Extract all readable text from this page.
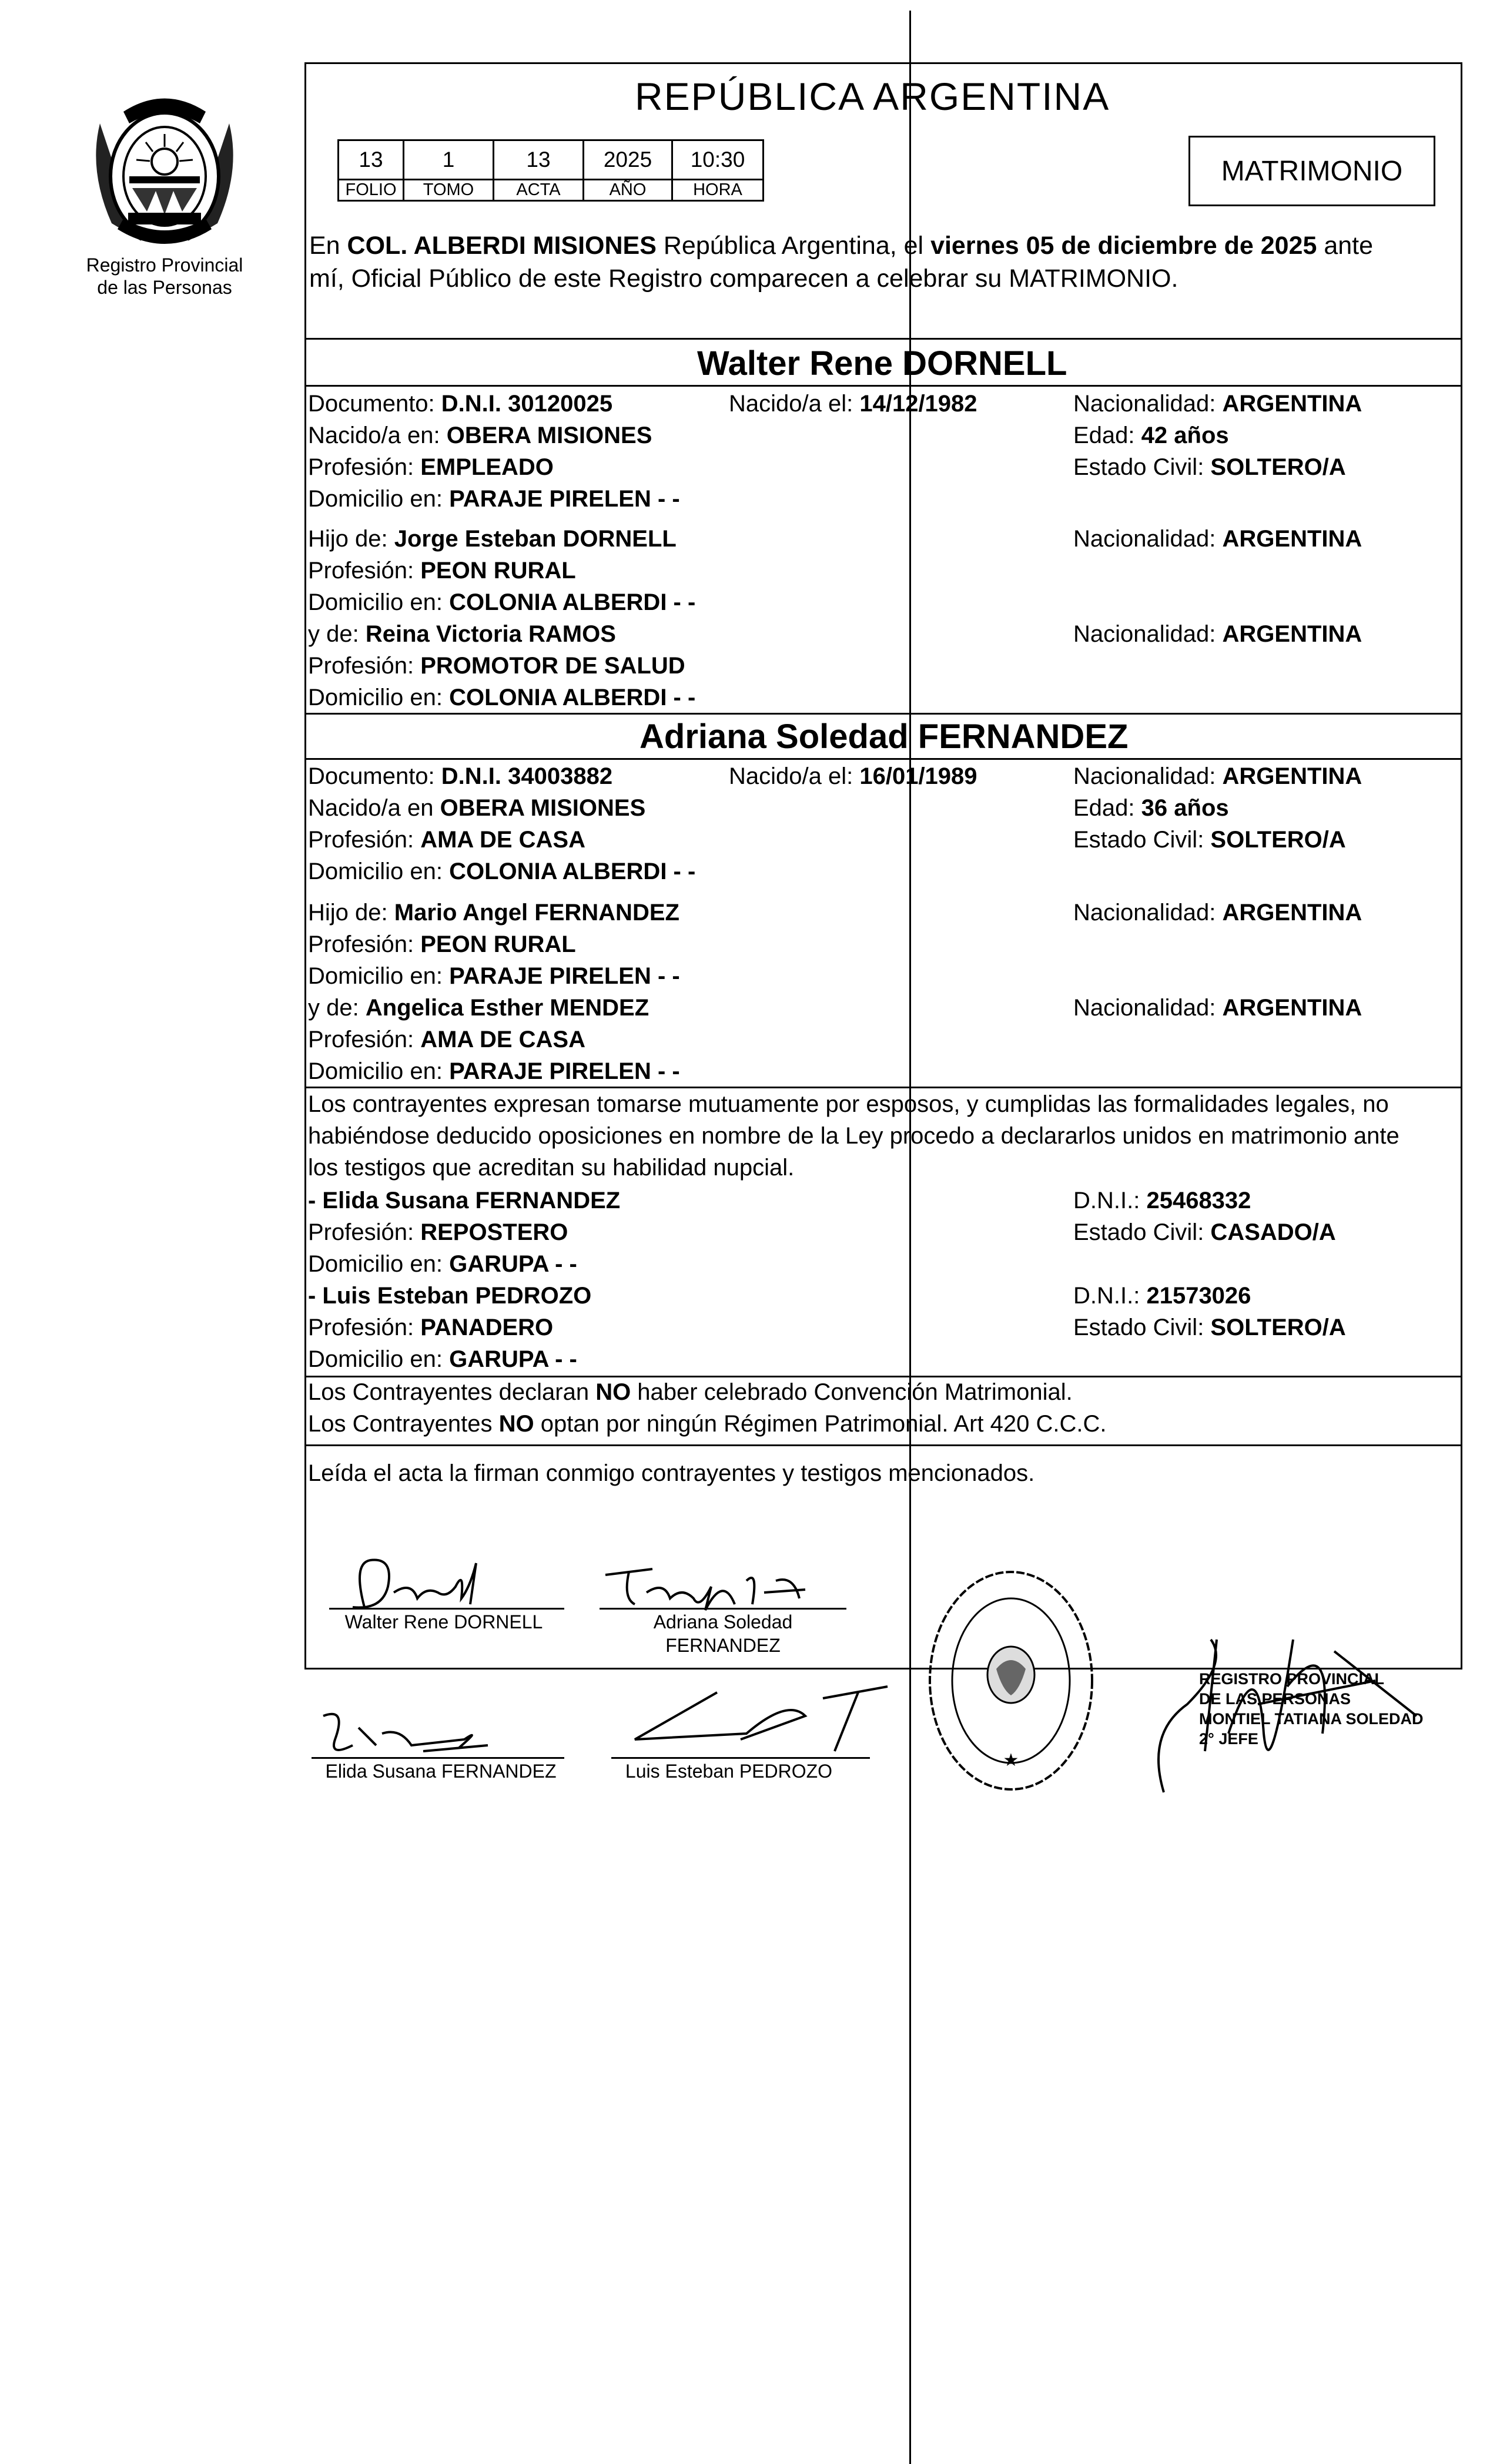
Registro Provincial
de las Personas
REPÚBLICA ARGENTINA
13	1	13	2025	10:30
FOLIO	TOMO	ACTA	AÑO	HORA
MATRIMONIO
En COL. ALBERDI MISIONES República Argentina, el viernes 05 de diciembre de 2025 ante
mí, Oficial Público de este Registro comparecen a celebrar su MATRIMONIO.
Walter Rene DORNELL
Documento: D.N.I. 30120025	Nacido/a el: 14/12/1982	Nacionalidad: ARGENTINA
Nacido/a en: OBERA MISIONES	Edad: 42 años
Profesión: EMPLEADO	Estado Civil: SOLTERO/A
Domicilio en: PARAJE PIRELEN - -
Hijo de: Jorge Esteban DORNELL	Nacionalidad: ARGENTINA
Profesión: PEON RURAL
Domicilio en: COLONIA ALBERDI - -
y de: Reina Victoria RAMOS	Nacionalidad: ARGENTINA
Profesión: PROMOTOR DE SALUD
Domicilio en: COLONIA ALBERDI - -
Adriana Soledad FERNANDEZ
Documento: D.N.I. 34003882	Nacido/a el: 16/01/1989	Nacionalidad: ARGENTINA
Nacido/a en OBERA MISIONES	Edad: 36 años
Profesión: AMA DE CASA	Estado Civil: SOLTERO/A
Domicilio en: COLONIA ALBERDI - -
Hijo de: Mario Angel FERNANDEZ	Nacionalidad: ARGENTINA
Profesión: PEON RURAL
Domicilio en: PARAJE PIRELEN - -
y de: Angelica Esther MENDEZ	Nacionalidad: ARGENTINA
Profesión: AMA DE CASA
Domicilio en: PARAJE PIRELEN - -
Los contrayentes expresan tomarse mutuamente por esposos, y cumplidas las formalidades legales, no
habiéndose deducido oposiciones en nombre de la Ley procedo a declararlos unidos en matrimonio ante
los testigos que acreditan su habilidad nupcial.
- Elida Susana FERNANDEZ	D.N.I.: 25468332
Profesión: REPOSTERO	Estado Civil: CASADO/A
Domicilio en: GARUPA - -
- Luis Esteban PEDROZO	D.N.I.: 21573026
Profesión: PANADERO	Estado Civil: SOLTERO/A
Domicilio en: GARUPA - -
Los Contrayentes declaran NO haber celebrado Convención Matrimonial.
Los Contrayentes NO optan por ningún Régimen Patrimonial. Art 420 C.C.C.
Leída el acta la firman conmigo contrayentes y testigos mencionados.
Walter Rene DORNELL	Adriana Soledad
FERNANDEZ
Elida Susana FERNANDEZ	Luis Esteban PEDROZO
★
REGISTRO PROVINCIAL
DE LAS PERSONAS
MONTIEL TATIANA SOLEDAD
2° JEFE
